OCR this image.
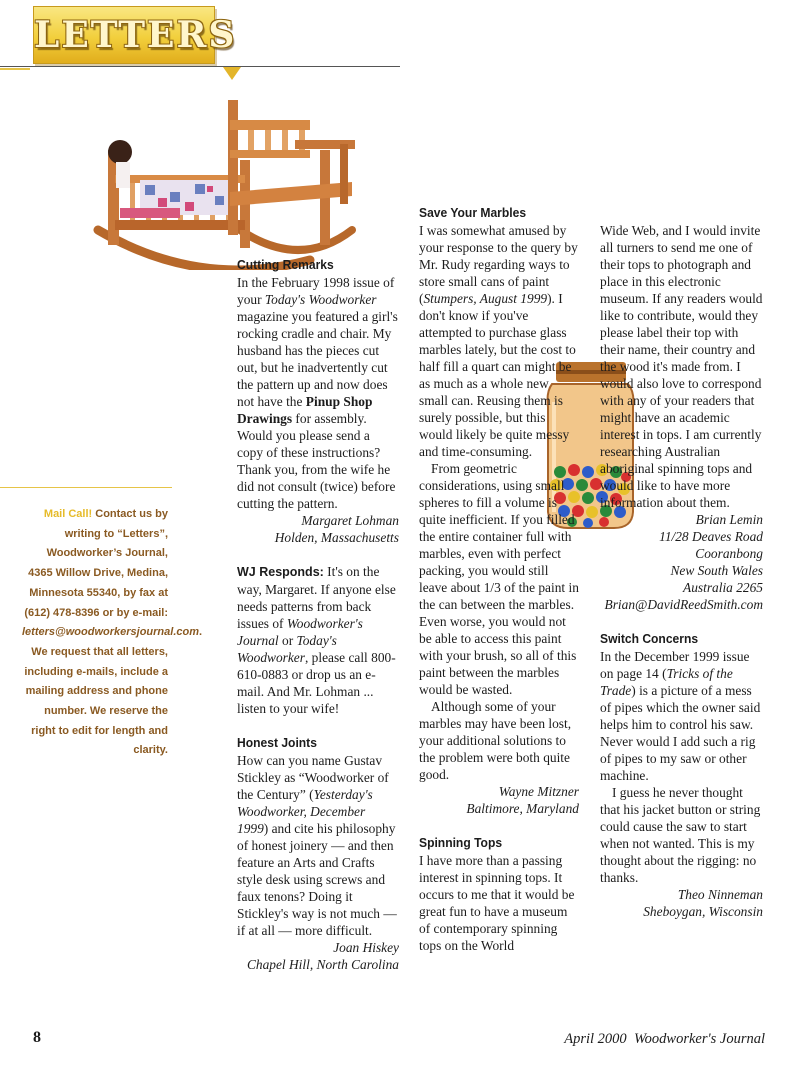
LETTERS
Mail Call! Contact us by writing to “Letters”, Woodworker’s Journal, 4365 Willow Drive, Medina, Minnesota 55340, by fax at (612) 478-8396 or by e-mail: letters@woodworkersjournal.com. We request that all letters, including e-mails, include a mailing address and phone number. We reserve the right to edit for length and clarity.

Cutting Remarks

In the February 1998 issue of your Today's Woodworker magazine you featured a girl's rocking cradle and chair. My husband has the pieces cut out, but he inadvertently cut the pattern up and now does not have the Pinup Shop Drawings for assembly. Would you please send a copy of these instructions? Thank you, from the wife he did not consult (twice) before cutting the pattern.

Margaret Lohman

Holden, Massachusetts

WJ Responds: It's on the way, Margaret. If anyone else needs patterns from back issues of Woodworker's Journal or Today's Woodworker, please call 800-610-0883 or drop us an e-mail. And Mr. Lohman ... listen to your wife!

Honest Joints

How can you name Gustav Stickley as “Woodworker of the Century” (Yesterday's Woodworker, December 1999) and cite his philosophy of honest joinery — and then feature an Arts and Crafts style desk using screws and faux tenons? Doing it Stickley's way is not much — if at all — more difficult.

Joan Hiskey

Chapel Hill, North Carolina

Save Your Marbles

I was somewhat amused by your response to the query by Mr. Rudy regarding ways to store small cans of paint (Stumpers, August 1999). I don't know if you've attempted to purchase glass marbles lately, but the cost to half fill a quart can might be as much as a whole new small can. Reusing them is surely possible, but this would likely be quite messy and time-consuming.

From geometric considerations, using small spheres to fill a volume is quite inefficient. If you filled the entire container full with marbles, even with perfect packing, you would still leave about 1/3 of the paint in the can between the marbles. Even worse, you would not be able to access this paint with your brush, so all of this paint between the marbles would be wasted.

Although some of your marbles may have been lost, your additional solutions to the problem were both quite good.

Wayne Mitzner

Baltimore, Maryland

Spinning Tops

I have more than a passing interest in spinning tops. It occurs to me that it would be great fun to have a museum of contemporary spinning tops on the World

Wide Web, and I would invite all turners to send me one of their tops to photograph and place in this electronic museum. If any readers would like to contribute, would they please label their top with their name, their country and the wood it's made from. I would also love to correspond with any of your readers that might have an academic interest in tops. I am currently researching Australian aboriginal spinning tops and would like to have more information about them.

Brian Lemin

11/28 Deaves Road

Cooranbong

New South Wales

Australia 2265

Brian@DavidReedSmith.com

Switch Concerns

In the December 1999 issue on page 14 (Tricks of the Trade) is a picture of a mess of pipes which the owner said helps him to control his saw. Never would I add such a rig of pipes to my saw or other machine.

I guess he never thought that his jacket button or string could cause the saw to start when not wanted. This is my thought about the rigging: no thanks.

Theo Ninneman

Sheboygan, Wisconsin

8	April 2000 Woodworker's Journal
